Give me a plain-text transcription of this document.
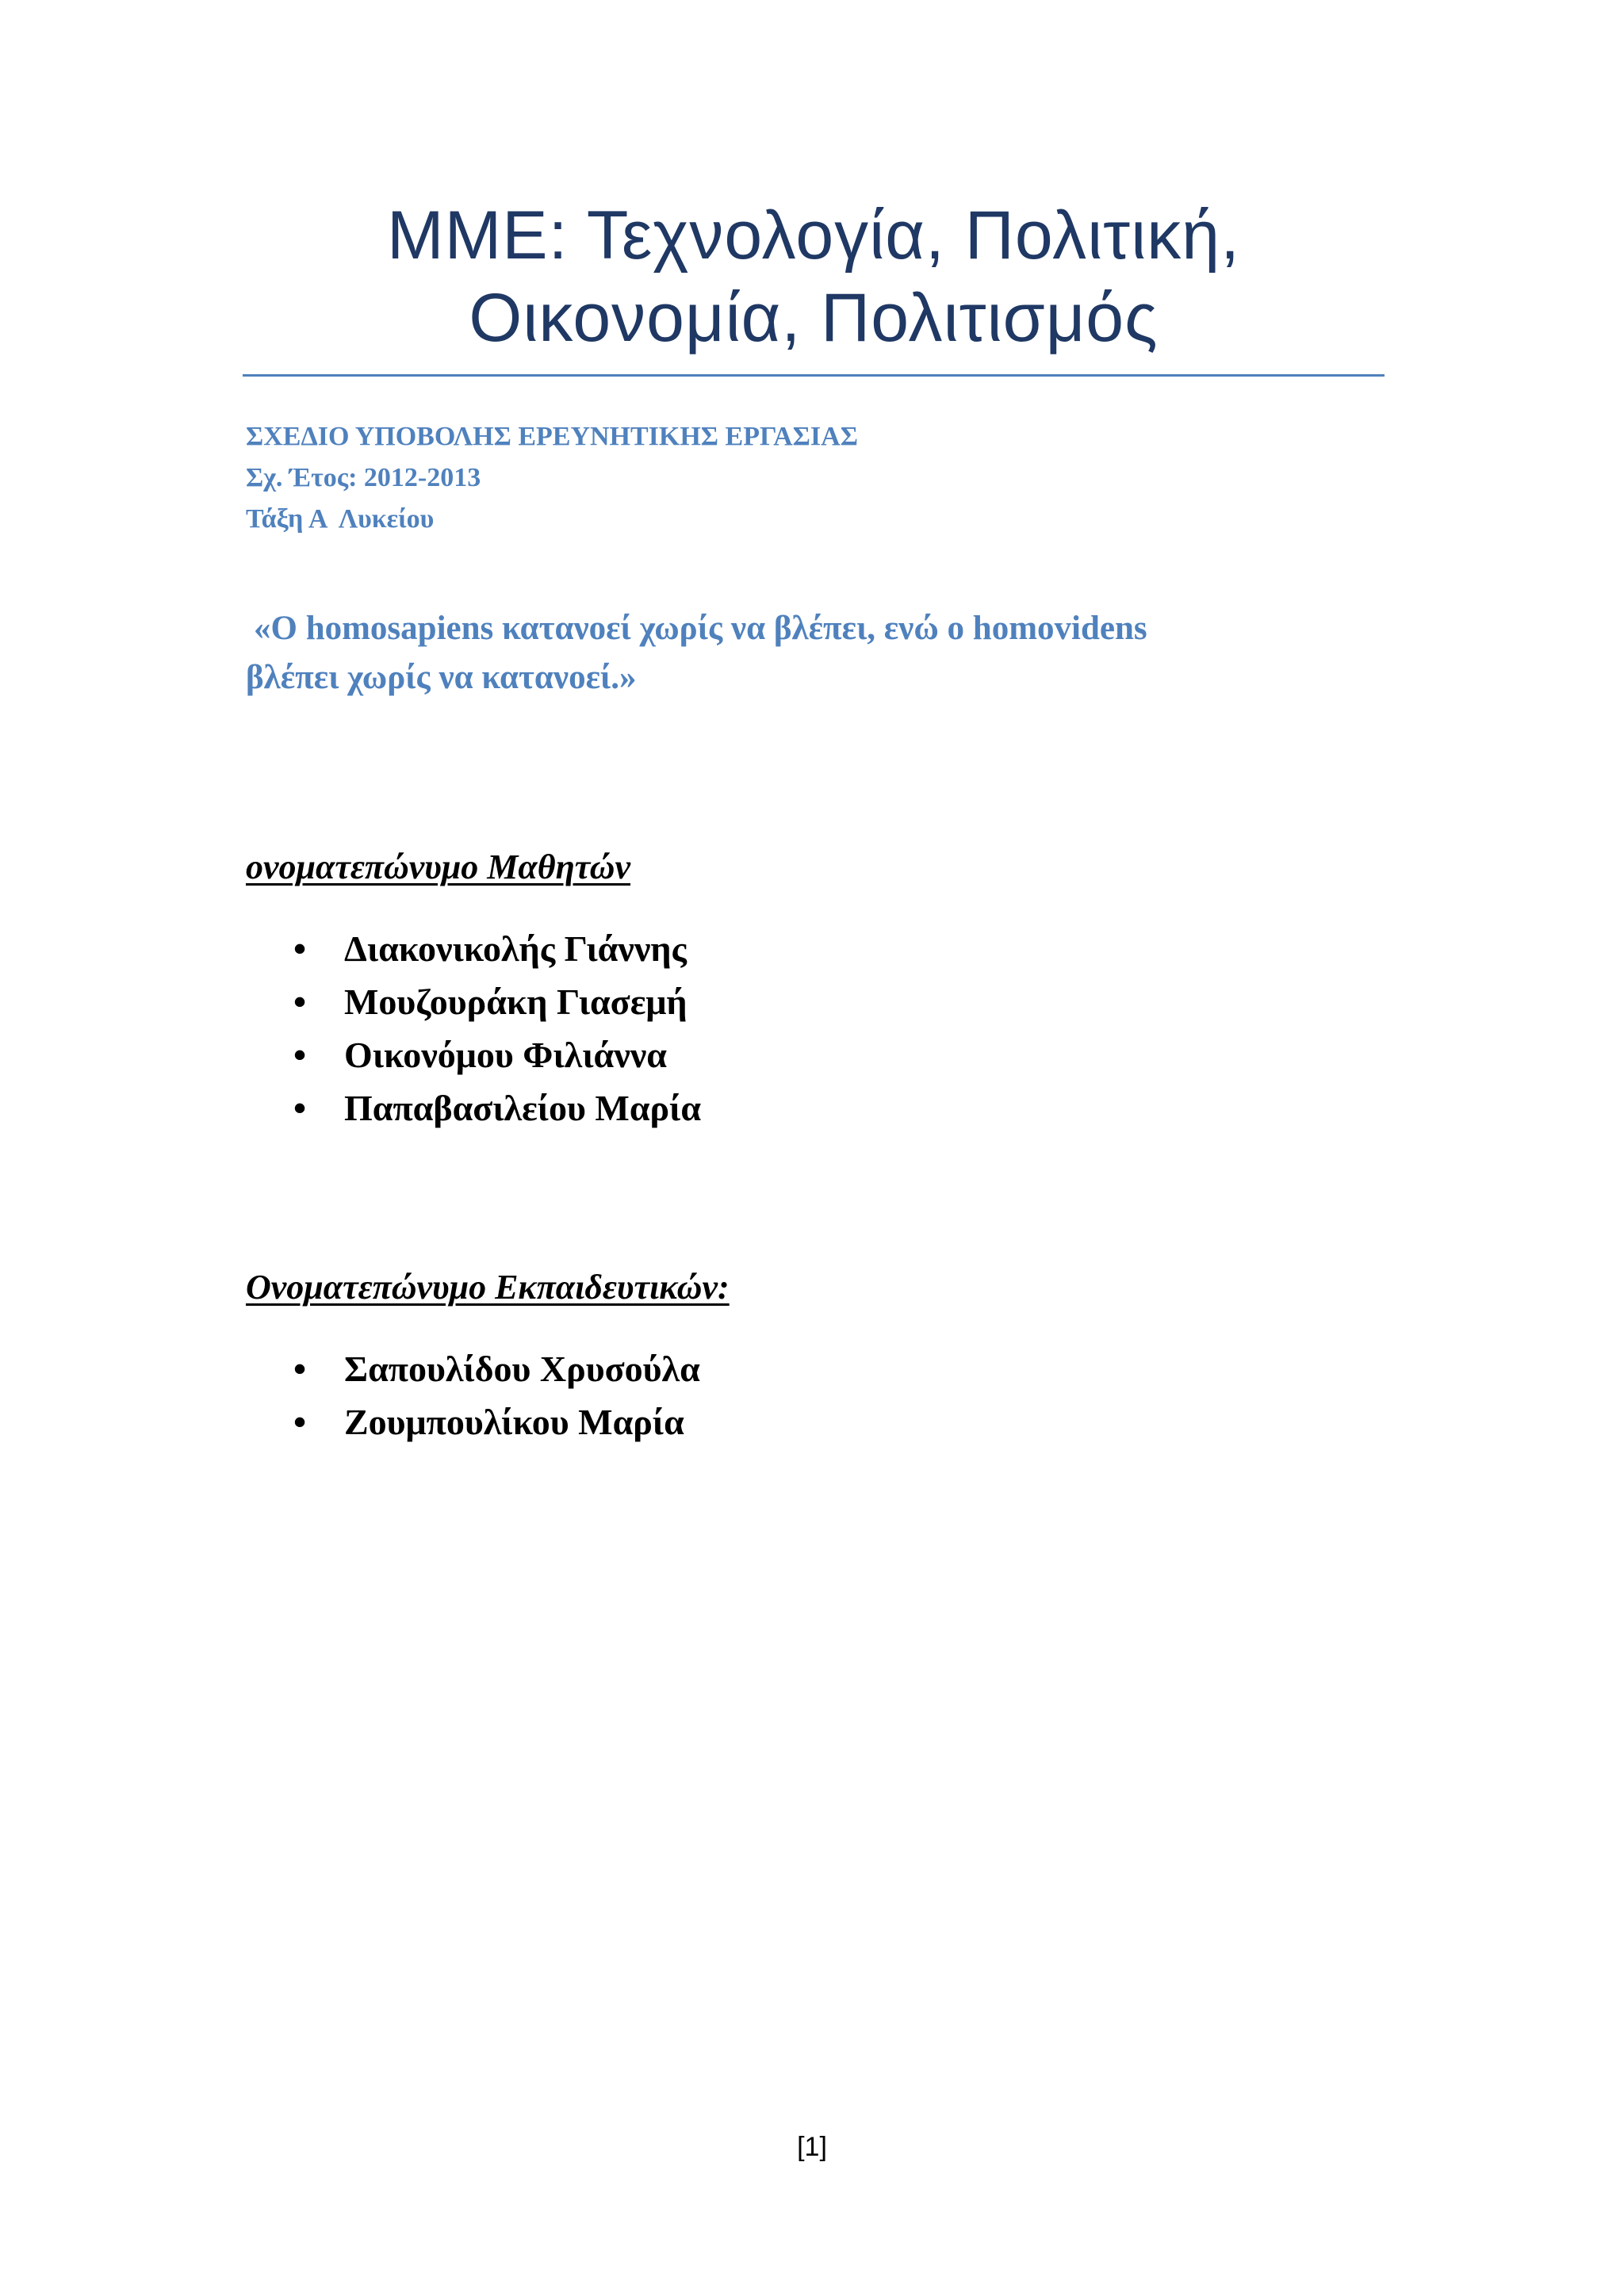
ΜΜΕ: Τεχνολογία, Πολιτική,
Οικονομία, Πολιτισμός
ΣΧΕΔΙΟ ΥΠΟΒΟΛΗΣ ΕΡΕΥΝΗΤΙΚΗΣ ΕΡΓΑΣΙΑΣ
Σχ. Έτος: 2012-2013
Τάξη Α  Λυκείου
«Ο homosapiens κατανοεί χωρίς να βλέπει, ενώ ο homovidens
βλέπει χωρίς να κατανοεί.»
ονοματεπώνυμο Μαθητών
•	Διακονικολής Γιάννης
•	Μουζουράκη Γιασεμή
•	Οικονόμου Φιλιάννα
•	Παπαβασιλείου Μαρία
Ονοματεπώνυμο Εκπαιδευτικών:
•	Σαπουλίδου Χρυσούλα
•	Ζουμπουλίκου Μαρία
[1]
